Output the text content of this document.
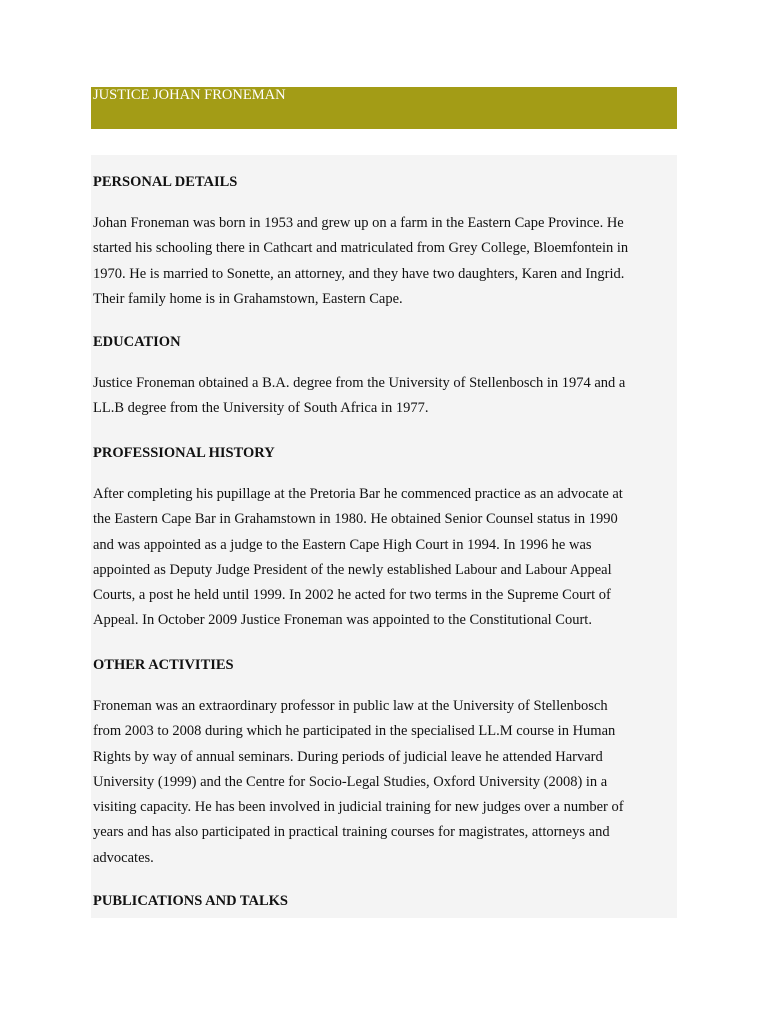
JUSTICE JOHAN FRONEMAN
PERSONAL DETAILS
Johan Froneman was born in 1953 and grew up on a farm in the Eastern Cape Province. He
started his schooling there in Cathcart and matriculated from Grey College, Bloemfontein in
1970. He is married to Sonette, an attorney, and they have two daughters, Karen and Ingrid.
Their family home is in Grahamstown, Eastern Cape.
EDUCATION
Justice Froneman obtained a B.A. degree from the University of Stellenbosch in 1974 and a
LL.B degree from the University of South Africa in 1977.
PROFESSIONAL HISTORY
After completing his pupillage at the Pretoria Bar he commenced practice as an advocate at
the Eastern Cape Bar in Grahamstown in 1980. He obtained Senior Counsel status in 1990
and was appointed as a judge to the Eastern Cape High Court in 1994. In 1996 he was
appointed as Deputy Judge President of the newly established Labour and Labour Appeal
Courts, a post he held until 1999. In 2002 he acted for two terms in the Supreme Court of
Appeal. In October 2009 Justice Froneman was appointed to the Constitutional Court.
OTHER ACTIVITIES
Froneman was an extraordinary professor in public law at the University of Stellenbosch
from 2003 to 2008 during which he participated in the specialised LL.M course in Human
Rights by way of annual seminars. During periods of judicial leave he attended Harvard
University (1999) and the Centre for Socio-Legal Studies, Oxford University (2008) in a
visiting capacity. He has been involved in judicial training for new judges over a number of
years and has also participated in practical training courses for magistrates, attorneys and
advocates.
PUBLICATIONS AND TALKS
